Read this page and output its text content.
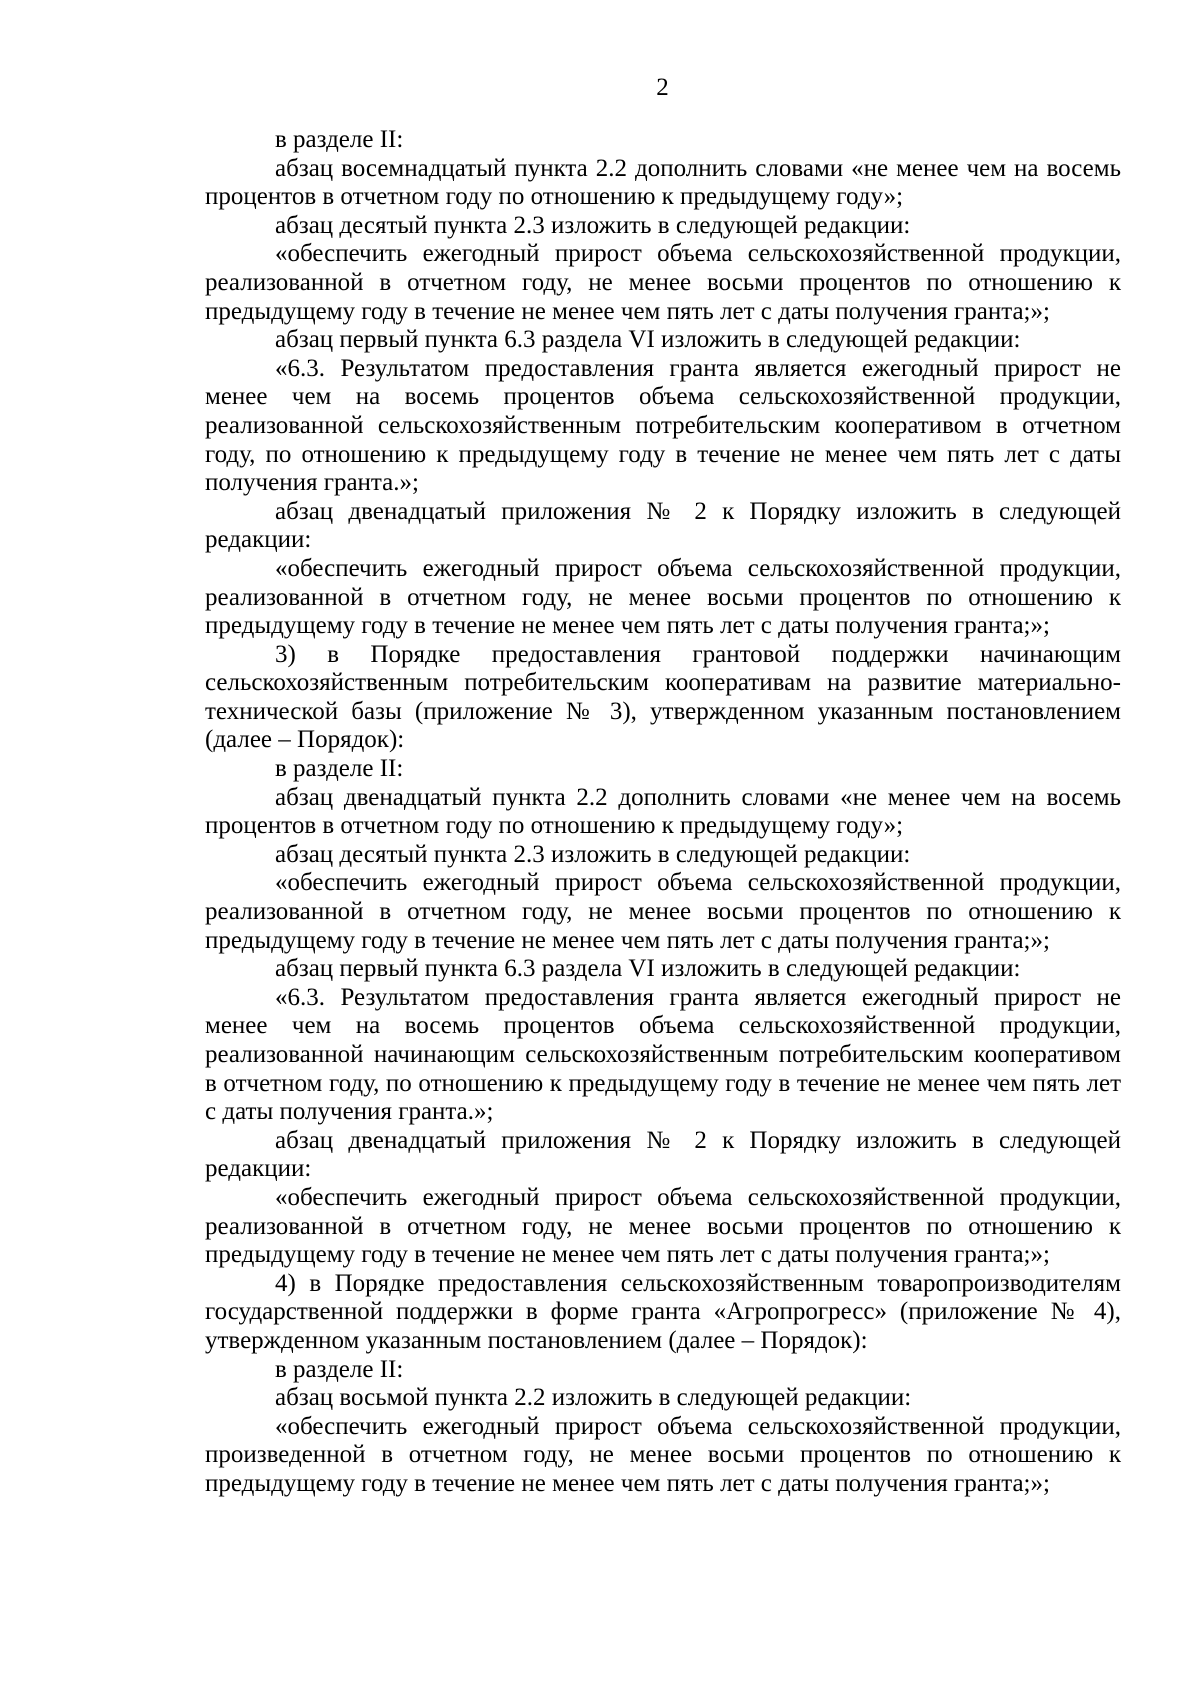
2

в разделе II:

абзац восемнадцатый пункта 2.2 дополнить словами «не менее чем на восемь процентов в отчетном году по отношению к предыдущему году»;

абзац десятый пункта 2.3 изложить в следующей редакции:

«обеспечить ежегодный прирост объема сельскохозяйственной продукции, реализованной в отчетном году, не менее восьми процентов по отношению к предыдущему году в течение не менее чем пять лет с даты получения гранта;»;

абзац первый пункта 6.3 раздела VI изложить в следующей редакции:

«6.3. Результатом предоставления гранта является ежегодный прирост не менее чем на восемь процентов объема сельскохозяйственной продукции, реализованной сельскохозяйственным потребительским кооперативом в отчетном году, по отношению к предыдущему году в течение не менее чем пять лет с даты получения гранта.»;

абзац двенадцатый приложения № 2 к Порядку изложить в следующей редакции:

«обеспечить ежегодный прирост объема сельскохозяйственной продукции, реализованной в отчетном году, не менее восьми процентов по отношению к предыдущему году в течение не менее чем пять лет с даты получения гранта;»;

3) в Порядке предоставления грантовой поддержки начинающим сельскохозяйственным потребительским кооперативам на развитие материально-технической базы (приложение № 3), утвержденном указанным постановлением (далее – Порядок):

в разделе II:

абзац двенадцатый пункта 2.2 дополнить словами «не менее чем на восемь процентов в отчетном году по отношению к предыдущему году»;

абзац десятый пункта 2.3 изложить в следующей редакции:

«обеспечить ежегодный прирост объема сельскохозяйственной продукции, реализованной в отчетном году, не менее восьми процентов по отношению к предыдущему году в течение не менее чем пять лет с даты получения гранта;»;

абзац первый пункта 6.3 раздела VI изложить в следующей редакции:

«6.3. Результатом предоставления гранта является ежегодный прирост не менее чем на восемь процентов объема сельскохозяйственной продукции, реализованной начинающим сельскохозяйственным потребительским кооперативом в отчетном году, по отношению к предыдущему году в течение не менее чем пять лет с даты получения гранта.»;

абзац двенадцатый приложения № 2 к Порядку изложить в следующей редакции:

«обеспечить ежегодный прирост объема сельскохозяйственной продукции, реализованной в отчетном году, не менее восьми процентов по отношению к предыдущему году в течение не менее чем пять лет с даты получения гранта;»;

4) в Порядке предоставления сельскохозяйственным товаропроизводителям государственной поддержки в форме гранта «Агропрогресс» (приложение № 4), утвержденном указанным постановлением (далее – Порядок):

в разделе II:

абзац восьмой пункта 2.2 изложить в следующей редакции:

«обеспечить ежегодный прирост объема сельскохозяйственной продукции, произведенной в отчетном году, не менее восьми процентов по отношению к предыдущему году в течение не менее чем пять лет с даты получения гранта;»;
